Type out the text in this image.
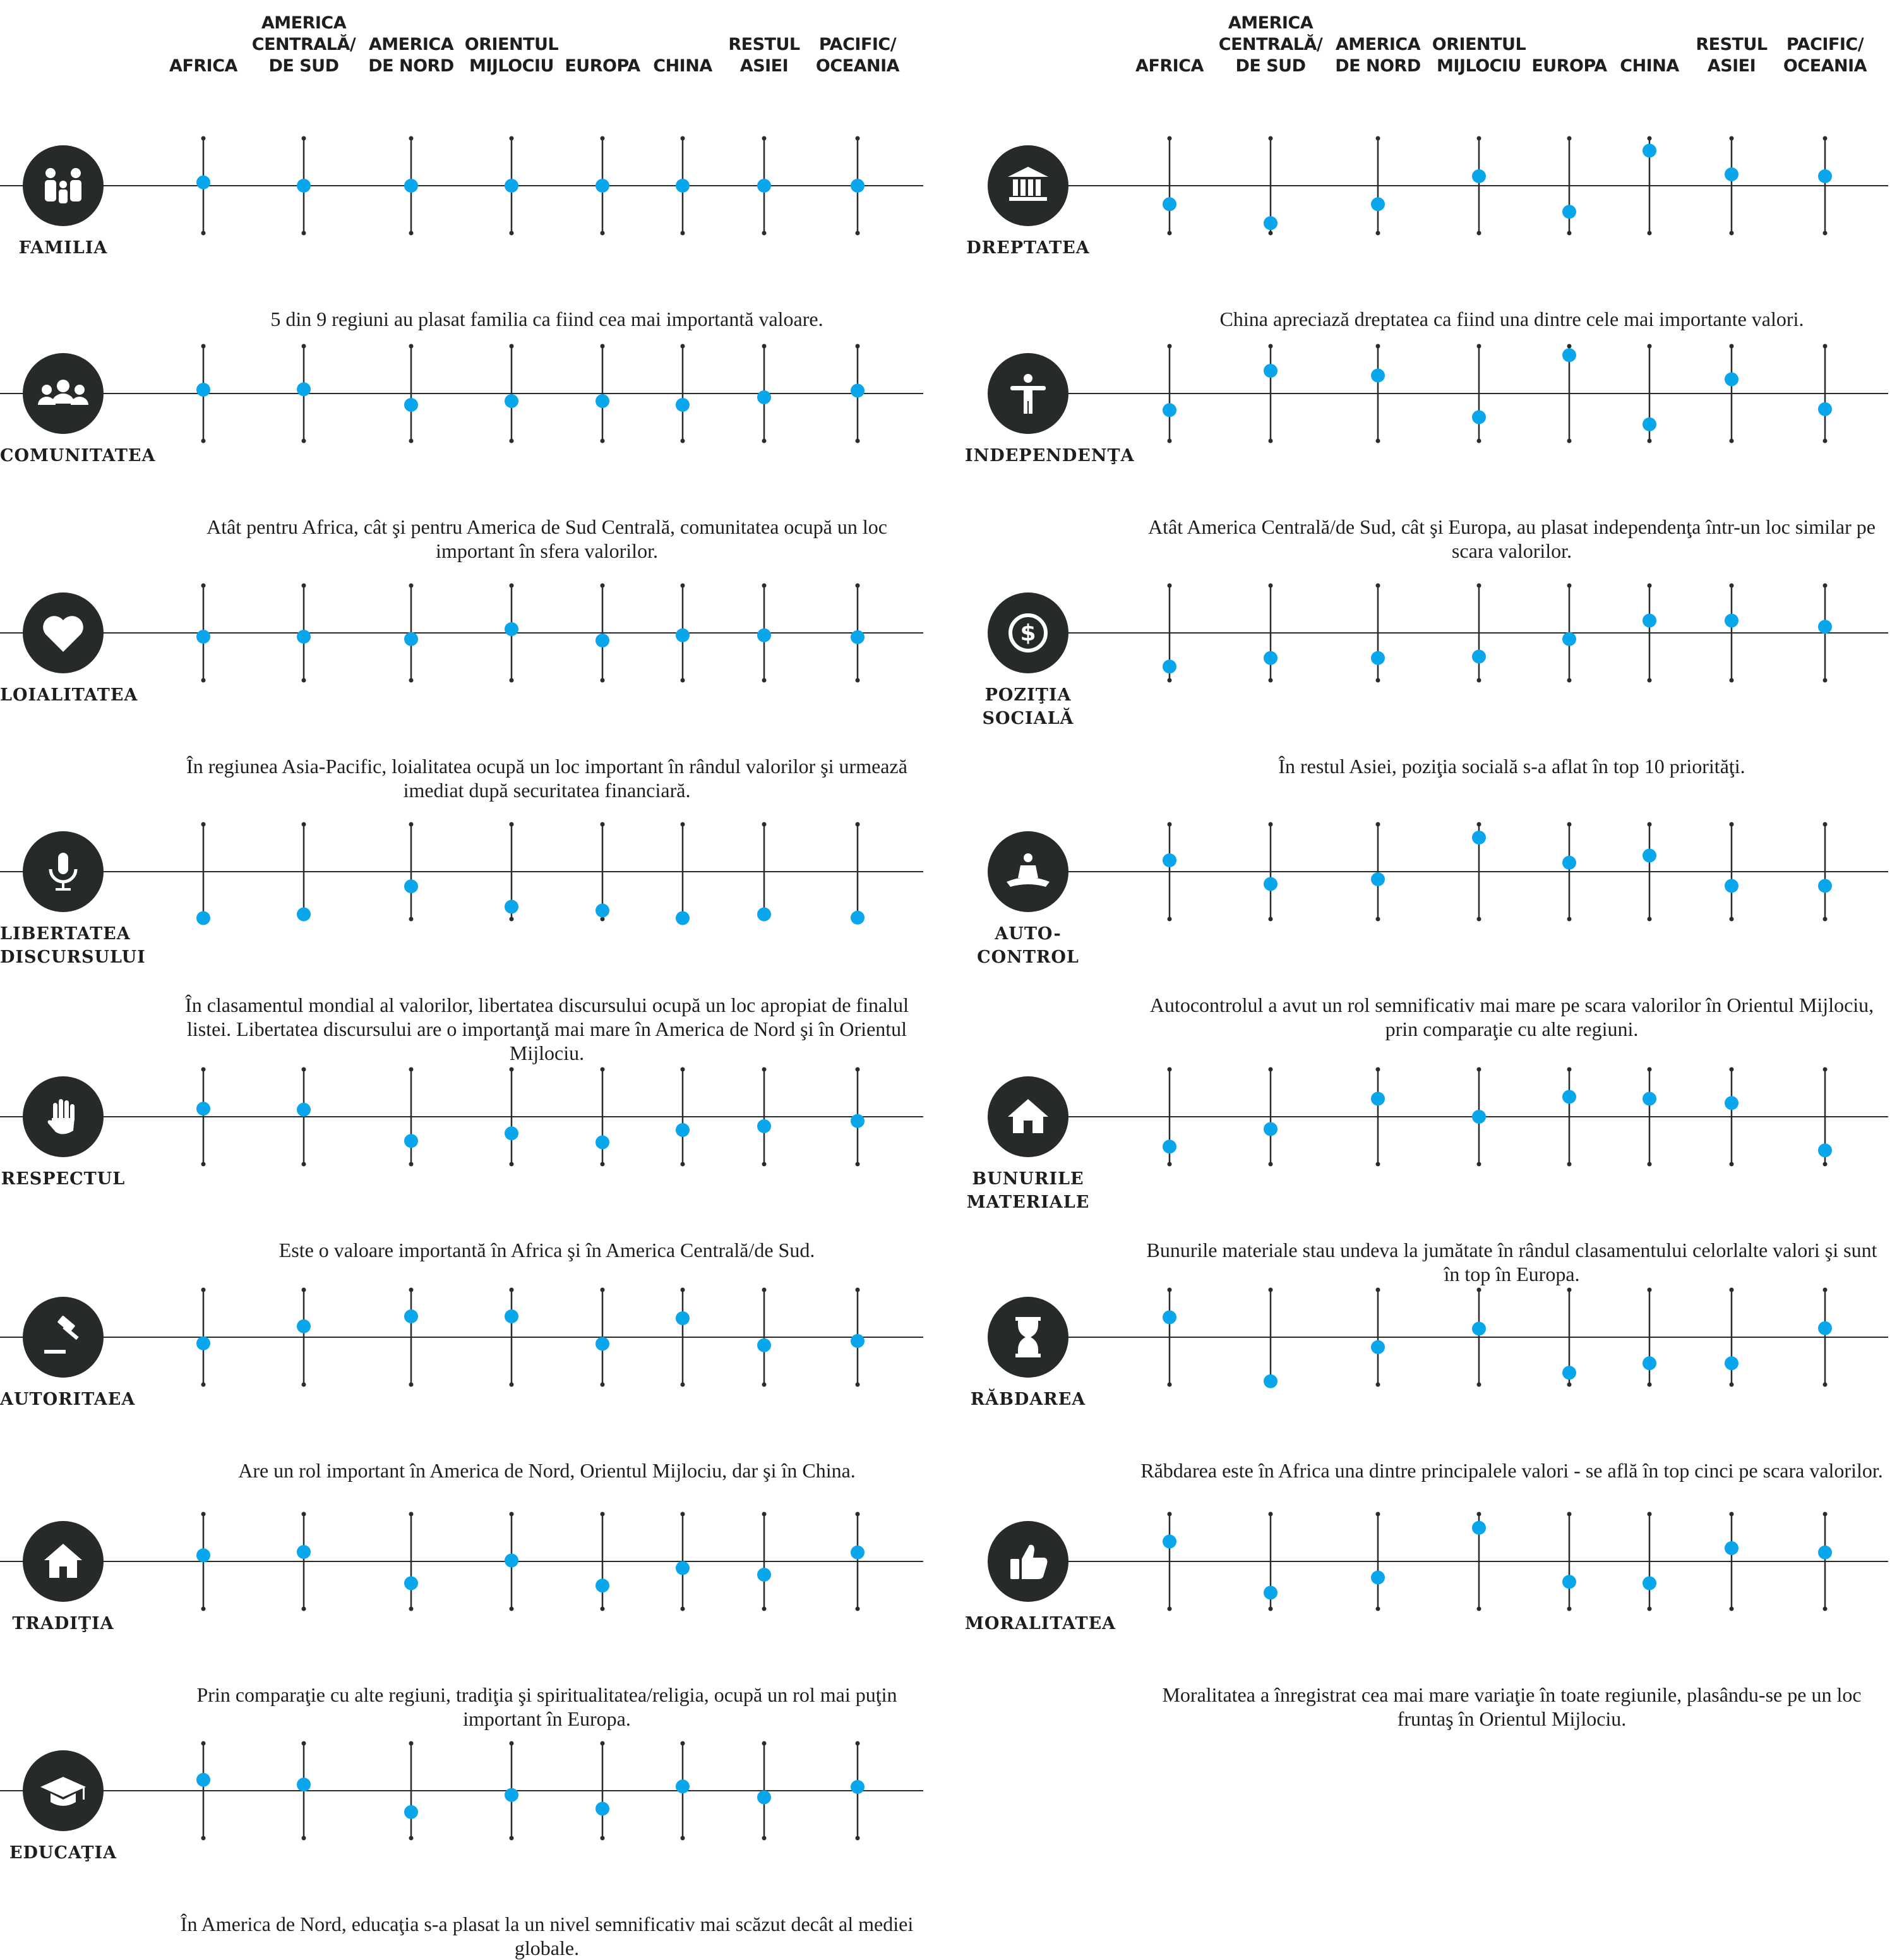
$
AFRICA
AMERICA
CENTRALĂ/
DE SUD
AMERICA
DE NORD
ORIENTUL
MIJLOCIU EUROPA CHINA
RESTUL
ASIEI
PACIFIC/
OCEANIA	AFRICA
AMERICA
CENTRALĂ/
DE SUD
AMERICA
DE NORD
ORIENTUL
MIJLOCIU EUROPA CHINA
RESTUL
ASIEI
PACIFIC/
OCEANIA
FAMILIA
5 din 9 regiuni au plasat familia ca fiind cea mai importantă valoare.
COMUNITATEA
Atât pentru Africa, cât şi pentru America de Sud Centrală, comunitatea ocupă un loc important în sfera valorilor.
LOIALITATEA
În regiunea Asia-Pacific, loialitatea ocupă un loc important în rândul valorilor şi urmează imediat după securitatea financiară.
LIBERTATEA
DISCURSULUI
În clasamentul mondial al valorilor, libertatea discursului ocupă un loc apropiat de finalul listei. Libertatea discursului are o importanţă mai mare în America de Nord şi în Orientul Mijlociu.
RESPECTUL
Este o valoare importantă în Africa şi în America Centrală/de Sud.
AUTORITAEA
Are un rol important în America de Nord, Orientul Mijlociu, dar şi în China.
TRADIŢIA
Prin comparaţie cu alte regiuni, tradiţia şi spiritualitatea/religia, ocupă un rol mai puţin important în Europa.
EDUCAŢIA
În America de Nord, educaţia s-a plasat la un nivel semnificativ mai scăzut decât al mediei globale.
DREPTATEA
China apreciază dreptatea ca fiind una dintre cele mai importante valori.
INDEPENDENŢA
Atât America Centrală/de Sud, cât şi Europa, au plasat independenţa într-un loc similar pe scara valorilor.
POZIŢIA
SOCIALĂ
În restul Asiei, poziţia socială s-a aflat în top 10 priorităţi.
AUTO-
CONTROL
Autocontrolul a avut un rol semnificativ mai mare pe scara valorilor în Orientul Mijlociu, prin comparaţie cu alte regiuni.
BUNURILE
MATERIALE
Bunurile materiale stau undeva la jumătate în rândul clasamentului celorlalte valori şi sunt în top în Europa.
RĂBDAREA
Răbdarea este în Africa una dintre principalele valori - se află în top cinci pe scara valorilor.
MORALITATEA
Moralitatea a înregistrat cea mai mare variaţie în toate regiunile, plasându-se pe un loc fruntaş în Orientul Mijlociu.
